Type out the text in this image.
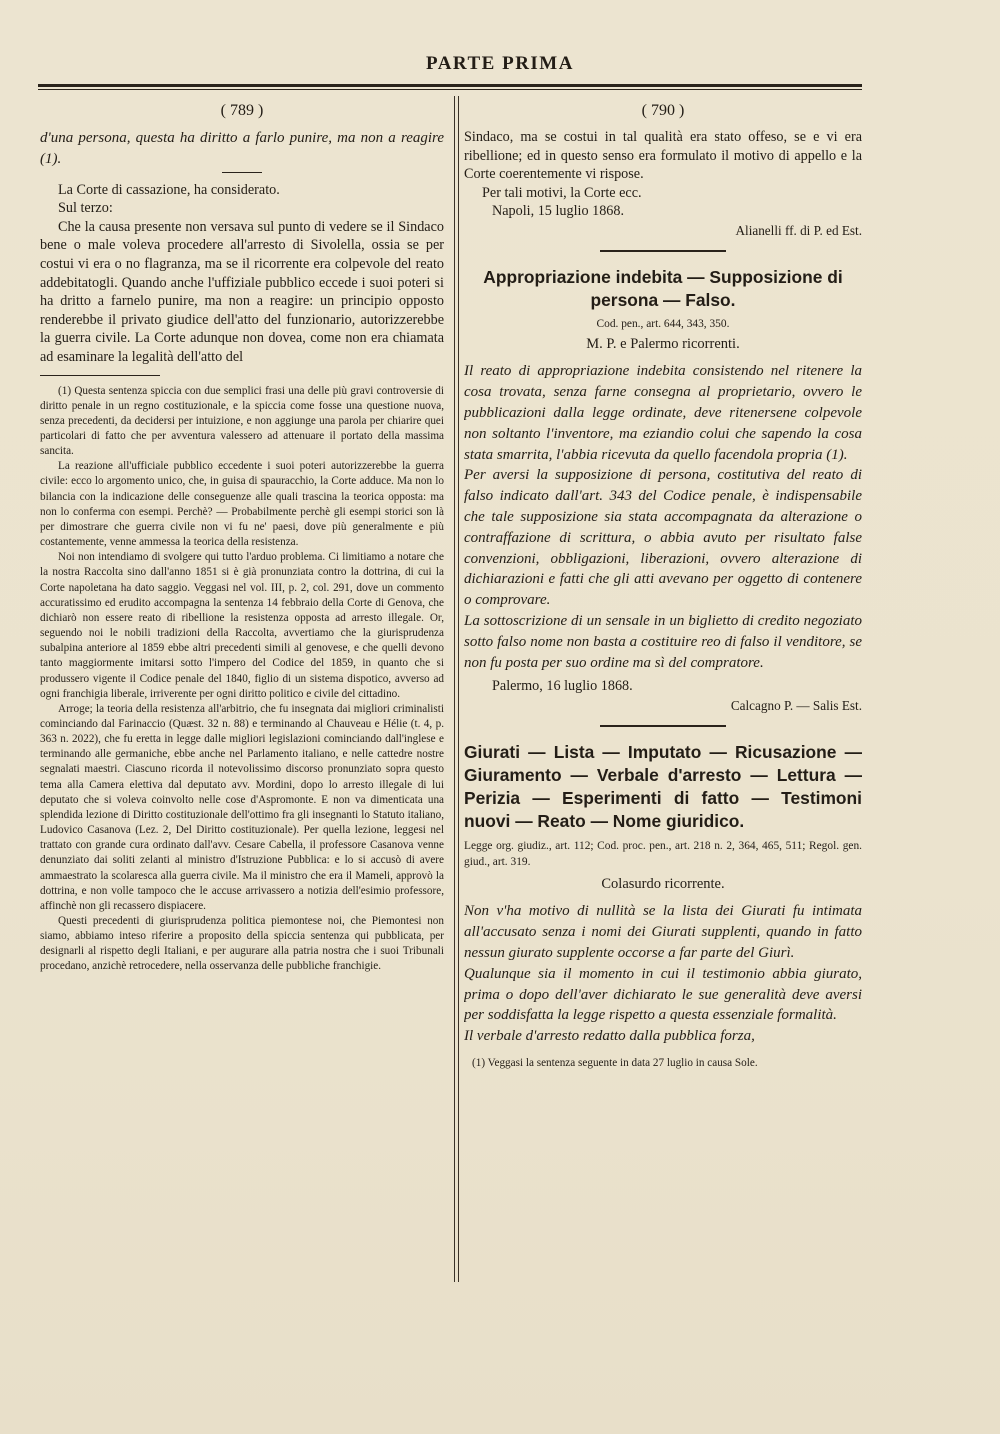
PARTE PRIMA
( 789 )

d'una persona, questa ha diritto a farlo punire, ma non a reagire (1).

La Corte di cassazione, ha considerato.

Sul terzo:

Che la causa presente non versava sul punto di vedere se il Sindaco bene o male voleva procedere all'arresto di Sivolella, ossia se per costui vi era o no flagranza, ma se il ricorrente era colpevole del reato addebitatogli. Quando anche l'uffiziale pubblico eccede i suoi poteri si ha dritto a farnelo punire, ma non a reagire: un principio opposto renderebbe il privato giudice dell'atto del funzionario, autorizzerebbe la guerra civile. La Corte adunque non dovea, come non era chiamata ad esaminare la legalità dell'atto del

(1) Questa sentenza spiccia con due semplici frasi una delle più gravi controversie di diritto penale in un regno costituzionale, e la spiccia come fosse una questione nuova, senza precedenti, da decidersi per intuizione, e non aggiunge una parola per chiarire quei particolari di fatto che per avventura valessero ad attenuare il portato della massima sancita.

La reazione all'ufficiale pubblico eccedente i suoi poteri autorizzerebbe la guerra civile: ecco lo argomento unico, che, in guisa di spauracchio, la Corte adduce. Ma non lo bilancia con la indicazione delle conseguenze alle quali trascina la teorica opposta: ma non lo conferma con esempi. Perchè? — Probabilmente perchè gli esempi storici son là per dimostrare che guerra civile non vi fu ne' paesi, dove più generalmente e più costantemente, venne ammessa la teorica della resistenza.

Noi non intendiamo di svolgere qui tutto l'arduo problema. Ci limitiamo a notare che la nostra Raccolta sino dall'anno 1851 si è già pronunziata contro la dottrina, di cui la Corte napoletana ha dato saggio. Veggasi nel vol. III, p. 2, col. 291, dove un commento accuratissimo ed erudito accompagna la sentenza 14 febbraio della Corte di Genova, che dichiarò non essere reato di ribellione la resistenza opposta ad arresto illegale. Or, seguendo noi le nobili tradizioni della Raccolta, avvertiamo che la giurisprudenza subalpina anteriore al 1859 ebbe altri precedenti simili al genovese, e che quelli devono tanto maggiormente imitarsi sotto l'impero del Codice del 1859, in quanto che si produssero vigente il Codice penale del 1840, figlio di un sistema dispotico, avverso ad ogni franchigia liberale, irriverente per ogni diritto politico e civile del cittadino.

Arroge; la teoria della resistenza all'arbitrio, che fu insegnata dai migliori criminalisti cominciando dal Farinaccio (Quæst. 32 n. 88) e terminando al Chauveau e Hélie (t. 4, p. 363 n. 2022), che fu eretta in legge dalle migliori legislazioni cominciando dall'inglese e terminando alle germaniche, ebbe anche nel Parlamento italiano, e nelle cattedre nostre segnalati maestri. Ciascuno ricorda il notevolissimo discorso pronunziato sopra questo tema alla Camera elettiva dal deputato avv. Mordini, dopo lo arresto illegale di lui deputato che si voleva coinvolto nelle cose d'Aspromonte. E non va dimenticata una splendida lezione di Diritto costituzionale dell'ottimo fra gli insegnanti lo Statuto italiano, Ludovico Casanova (Lez. 2, Del Diritto costituzionale). Per quella lezione, leggesi nel trattato con grande cura ordinato dall'avv. Cesare Cabella, il professore Casanova venne denunziato dai soliti zelanti al ministro d'Istruzione Pubblica: e lo si accusò di avere ammaestrato la scolaresca alla guerra civile. Ma il ministro che era il Mameli, approvò la dottrina, e non volle tampoco che le accuse arrivassero a notizia dell'esimio professore, affinchè non gli recassero dispiacere.

Questi precedenti di giurisprudenza politica piemontese noi, che Piemontesi non siamo, abbiamo inteso riferire a proposito della spiccia sentenza qui pubblicata, per designarli al rispetto degli Italiani, e per augurare alla patria nostra che i suoi Tribunali procedano, anzichè retrocedere, nella osservanza delle pubbliche franchigie.

( 790 )

Sindaco, ma se costui in tal qualità era stato offeso, se e vi era ribellione; ed in questo senso era formulato il motivo di appello e la Corte coerentemente vi rispose.

Per tali motivi, la Corte ecc.

Napoli, 15 luglio 1868.

Alianelli ff. di P. ed Est.

Appropriazione indebita — Supposizione di persona — Falso.
Cod. pen., art. 644, 343, 350.
M. P. e Palermo ricorrenti.

Il reato di appropriazione indebita consistendo nel ritenere la cosa trovata, senza farne consegna al proprietario, ovvero le pubblicazioni dalla legge ordinate, deve ritenersene colpevole non soltanto l'inventore, ma eziandio colui che sapendo la cosa stata smarrita, l'abbia ricevuta da quello facendola propria (1).

Per aversi la supposizione di persona, costitutiva del reato di falso indicato dall'art. 343 del Codice penale, è indispensabile che tale supposizione sia stata accompagnata da alterazione o contraffazione di scrittura, o abbia avuto per risultato false convenzioni, obbligazioni, liberazioni, ovvero alterazione di dichiarazioni e fatti che gli atti avevano per oggetto di contenere o comprovare.

La sottoscrizione di un sensale in un biglietto di credito negoziato sotto falso nome non basta a costituire reo di falso il venditore, se non fu posta per suo ordine ma sì del compratore.

Palermo, 16 luglio 1868.

Calcagno P. — Salis Est.

Giurati — Lista — Imputato — Ricusazione — Giuramento — Verbale d'arresto — Lettura — Perizia — Esperimenti di fatto — Testimoni nuovi — Reato — Nome giuridico.
Legge org. giudiz., art. 112; Cod. proc. pen., art. 218 n. 2, 364, 465, 511; Regol. gen. giud., art. 319.
Colasurdo ricorrente.

Non v'ha motivo di nullità se la lista dei Giurati fu intimata all'accusato senza i nomi dei Giurati supplenti, quando in fatto nessun giurato supplente occorse a far parte del Giurì.

Qualunque sia il momento in cui il testimonio abbia giurato, prima o dopo dell'aver dichiarato le sue generalità deve aversi per soddisfatta la legge rispetto a questa essenziale formalità.

Il verbale d'arresto redatto dalla pubblica forza,

(1) Veggasi la sentenza seguente in data 27 luglio in causa Sole.
